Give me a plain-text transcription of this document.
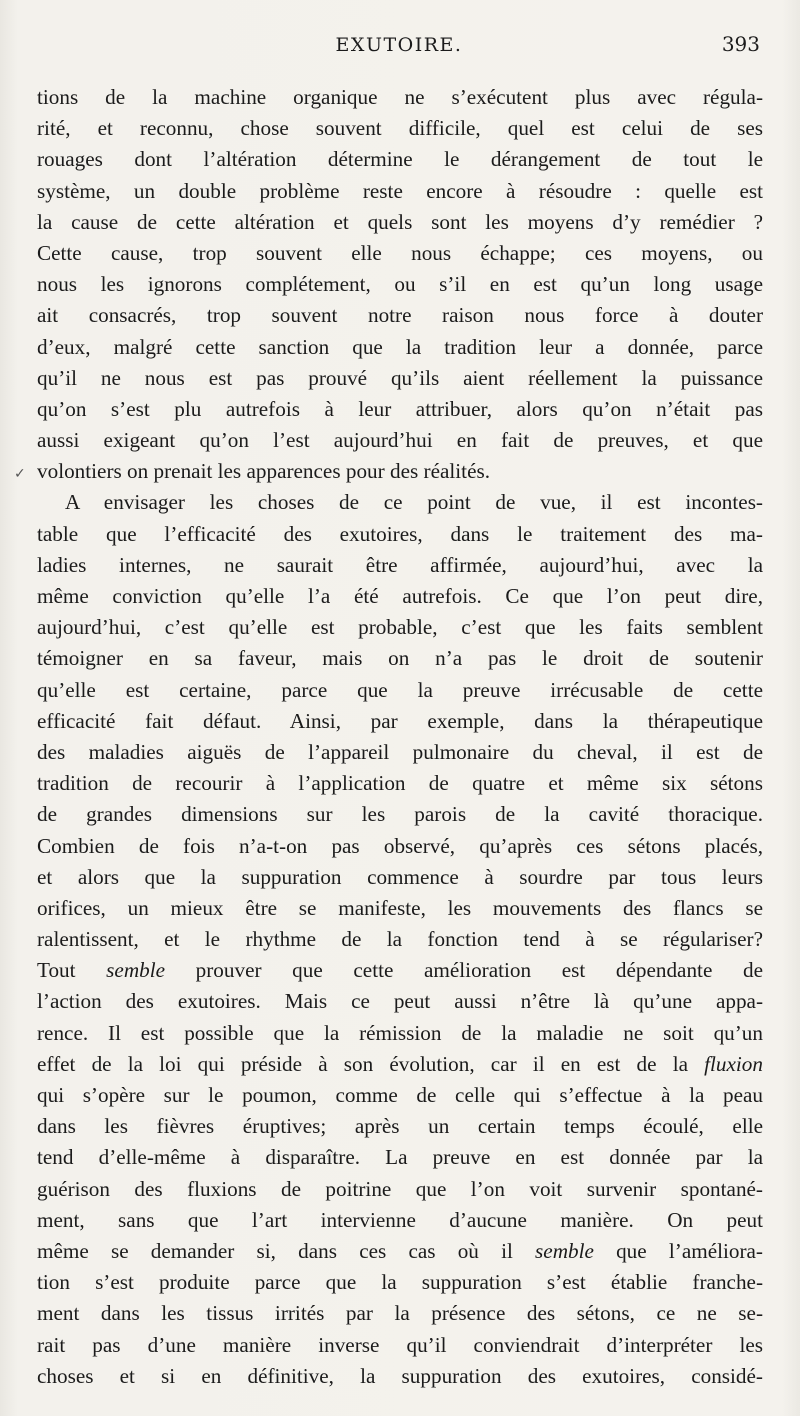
EXUTOIRE.	393
✓
tions de la machine organique ne s’exécutent plus avec régula-
rité, et reconnu, chose souvent difficile, quel est celui de ses
rouages dont l’altération détermine le dérangement de tout le
système, un double problème reste encore à résoudre : quelle est
la cause de cette altération et quels sont les moyens d’y remédier ?
Cette cause, trop souvent elle nous échappe; ces moyens, ou
nous les ignorons complétement, ou s’il en est qu’un long usage
ait consacrés, trop souvent notre raison nous force à douter
d’eux, malgré cette sanction que la tradition leur a donnée, parce
qu’il ne nous est pas prouvé qu’ils aient réellement la puissance
qu’on s’est plu autrefois à leur attribuer, alors qu’on n’était pas
aussi exigeant qu’on l’est aujourd’hui en fait de preuves, et que
volontiers on prenait les apparences pour des réalités.
A envisager les choses de ce point de vue, il est incontes-
table que l’efficacité des exutoires, dans le traitement des ma-
ladies internes, ne saurait être affirmée, aujourd’hui, avec la
même conviction qu’elle l’a été autrefois. Ce que l’on peut dire,
aujourd’hui, c’est qu’elle est probable, c’est que les faits semblent
témoigner en sa faveur, mais on n’a pas le droit de soutenir
qu’elle est certaine, parce que la preuve irrécusable de cette
efficacité fait défaut. Ainsi, par exemple, dans la thérapeutique
des maladies aiguës de l’appareil pulmonaire du cheval, il est de
tradition de recourir à l’application de quatre et même six sétons
de grandes dimensions sur les parois de la cavité thoracique.
Combien de fois n’a-t-on pas observé, qu’après ces sétons placés,
et alors que la suppuration commence à sourdre par tous leurs
orifices, un mieux être se manifeste, les mouvements des flancs se
ralentissent, et le rhythme de la fonction tend à se régulariser?
Tout semble prouver que cette amélioration est dépendante de
l’action des exutoires. Mais ce peut aussi n’être là qu’une appa-
rence. Il est possible que la rémission de la maladie ne soit qu’un
effet de la loi qui préside à son évolution, car il en est de la fluxion
qui s’opère sur le poumon, comme de celle qui s’effectue à la peau
dans les fièvres éruptives; après un certain temps écoulé, elle
tend d’elle-même à disparaître. La preuve en est donnée par la
guérison des fluxions de poitrine que l’on voit survenir spontané-
ment, sans que l’art intervienne d’aucune manière. On peut
même se demander si, dans ces cas où il semble que l’améliora-
tion s’est produite parce que la suppuration s’est établie franche-
ment dans les tissus irrités par la présence des sétons, ce ne se-
rait pas d’une manière inverse qu’il conviendrait d’interpréter les
choses et si en définitive, la suppuration des exutoires, considé-
